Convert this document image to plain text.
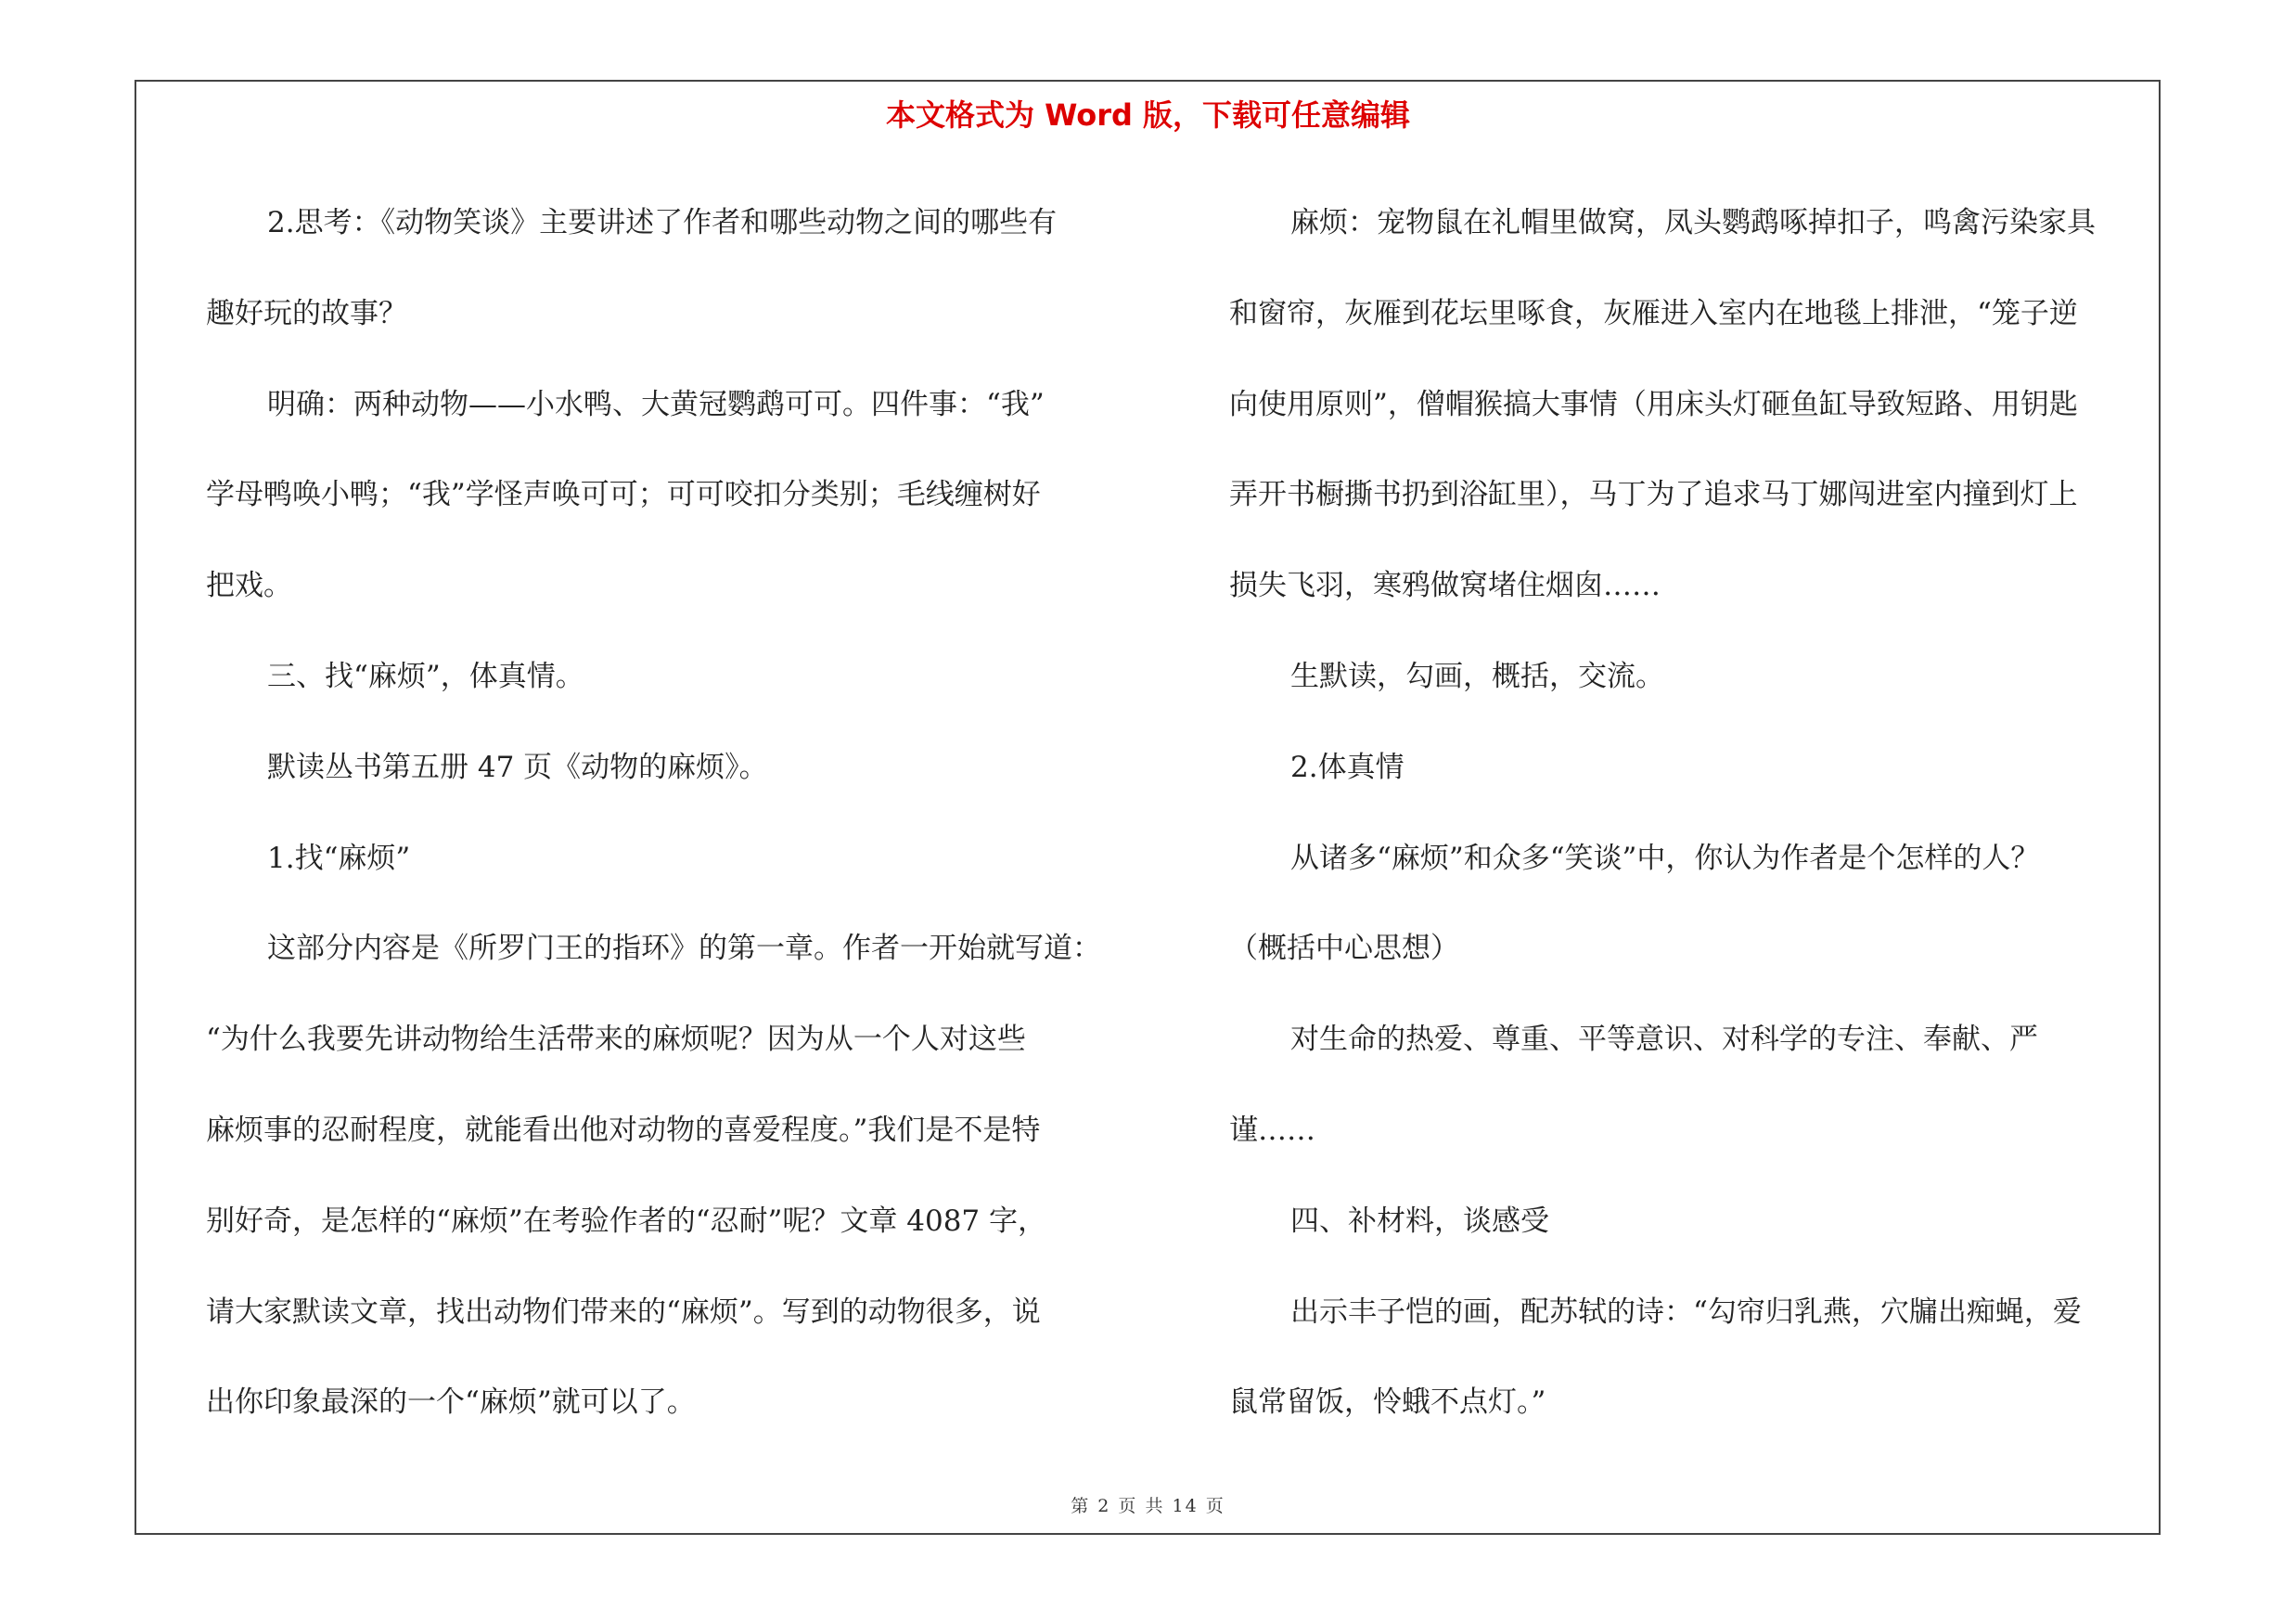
本文格式为 Word 版，下载可任意编辑

2.思考：《动物笑谈》主要讲述了作者和哪些动物之间的哪些有

趣好玩的故事？

明确：两种动物——小水鸭、大黄冠鹦鹉可可。四件事：“我”

学母鸭唤小鸭；“我”学怪声唤可可；可可咬扣分类别；毛线缠树好

把戏。

三、找“麻烦”，体真情。

默读丛书第五册 47 页《动物的麻烦》。

1.找“麻烦”

这部分内容是《所罗门王的指环》的第一章。作者一开始就写道：

“为什么我要先讲动物给生活带来的麻烦呢？因为从一个人对这些

麻烦事的忍耐程度，就能看出他对动物的喜爱程度。”我们是不是特

别好奇，是怎样的“麻烦”在考验作者的“忍耐”呢？文章 4087 字，

请大家默读文章，找出动物们带来的“麻烦”。写到的动物很多，说

出你印象最深的一个“麻烦”就可以了。

麻烦：宠物鼠在礼帽里做窝，凤头鹦鹉啄掉扣子，鸣禽污染家具

和窗帘，灰雁到花坛里啄食，灰雁进入室内在地毯上排泄，“笼子逆

向使用原则”，僧帽猴搞大事情（用床头灯砸鱼缸导致短路、用钥匙

弄开书橱撕书扔到浴缸里），马丁为了追求马丁娜闯进室内撞到灯上

损失飞羽，寒鸦做窝堵住烟囱……

生默读，勾画，概括，交流。

2.体真情

从诸多“麻烦”和众多“笑谈”中，你认为作者是个怎样的人？

（概括中心思想）

对生命的热爱、尊重、平等意识、对科学的专注、奉献、严

谨……

四、补材料，谈感受

出示丰子恺的画，配苏轼的诗：“勾帘归乳燕，穴牖出痴蝇，爱

鼠常留饭，怜蛾不点灯。”

第 2 页 共 14 页
